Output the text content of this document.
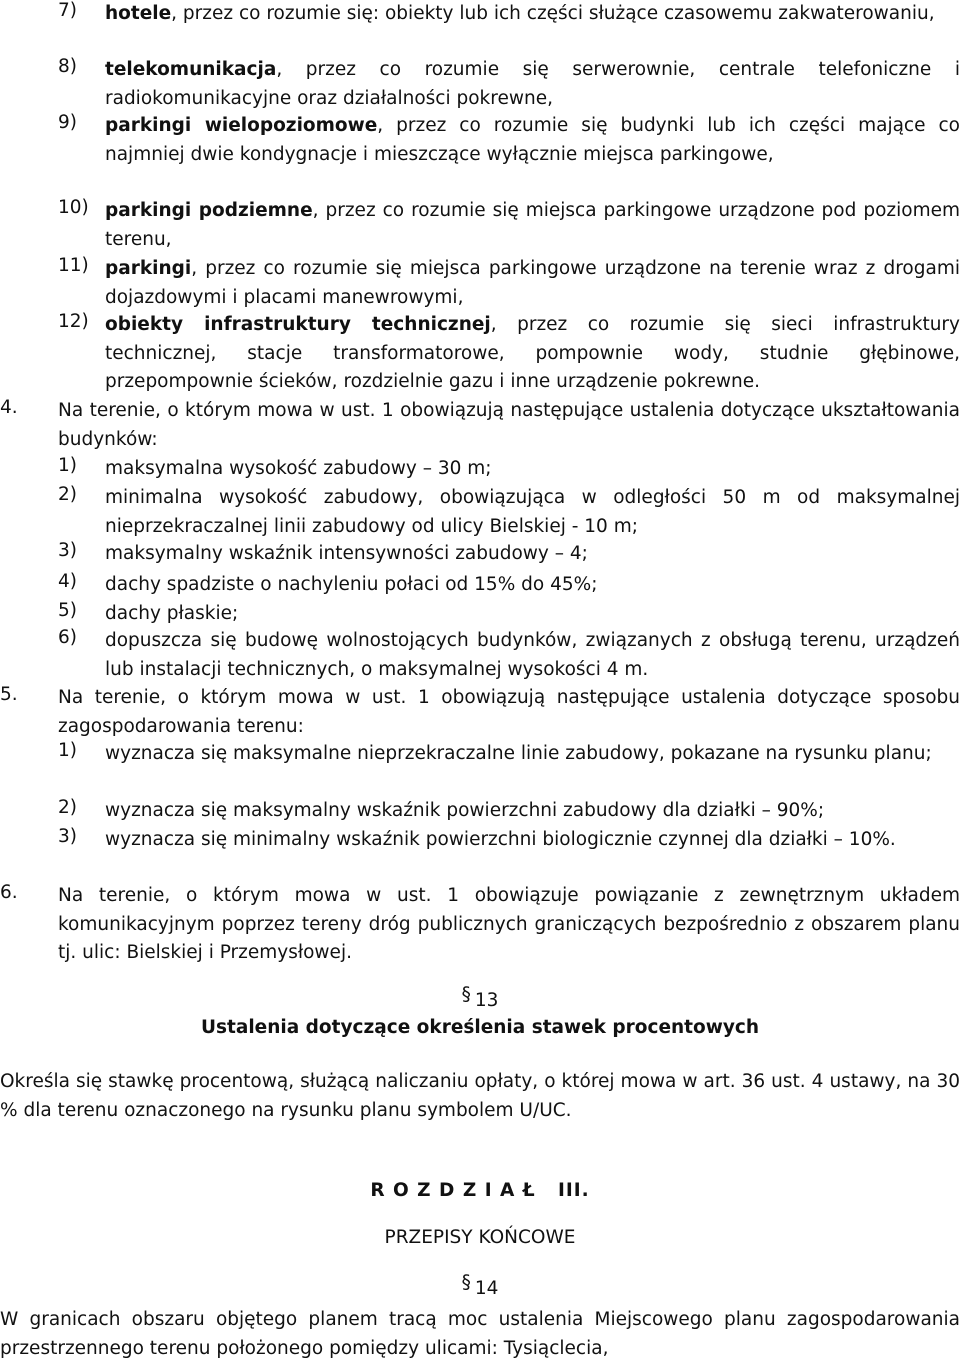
7) hotele, przez co rozumie się: obiekty lub ich części służące czasowemu zakwaterowaniu,
8) telekomunikacja, przez co rozumie się serwerownie, centrale telefoniczne i radiokomunikacyjne oraz działalności pokrewne,
9) parkingi wielopoziomowe, przez co rozumie się budynki lub ich części mające co najmniej dwie kondygnacje i mieszczące wyłącznie miejsca parkingowe,
10) parkingi podziemne, przez co rozumie się miejsca parkingowe urządzone pod poziomem terenu,
11) parkingi, przez co rozumie się miejsca parkingowe urządzone na terenie wraz z drogami dojazdowymi i placami manewrowymi,
12) obiekty infrastruktury technicznej, przez co rozumie się sieci infrastruktury technicznej, stacje transformatorowe, pompownie wody, studnie głębinowe, przepompownie ścieków, rozdzielnie gazu i inne urządzenie pokrewne.
4. Na terenie, o którym mowa w ust. 1 obowiązują następujące ustalenia dotyczące ukształtowania budynków:
1) maksymalna wysokość zabudowy – 30 m;
2) minimalna wysokość zabudowy, obowiązująca w odległości 50 m od maksymalnej nieprzekraczalnej linii zabudowy od ulicy Bielskiej - 10 m;
3) maksymalny wskaźnik intensywności zabudowy – 4;
4) dachy spadziste o nachyleniu połaci od 15% do 45%;
5) dachy płaskie;
6) dopuszcza się budowę wolnostojących budynków, związanych z obsługą terenu, urządzeń lub instalacji technicznych, o maksymalnej wysokości 4 m.
5. Na terenie, o którym mowa w ust. 1 obowiązują następujące ustalenia dotyczące sposobu zagospodarowania terenu:
1) wyznacza się maksymalne nieprzekraczalne linie zabudowy, pokazane na rysunku planu;
2) wyznacza się maksymalny wskaźnik powierzchni zabudowy dla działki – 90%;
3) wyznacza się minimalny wskaźnik powierzchni biologicznie czynnej dla działki – 10%.
6. Na terenie, o którym mowa w ust. 1 obowiązuje powiązanie z zewnętrznym układem komunikacyjnym poprzez tereny dróg publicznych graniczących bezpośrednio z obszarem planu tj. ulic: Bielskiej i Przemysłowej.
§ 13
Ustalenia dotyczące określenia stawek procentowych
Określa się stawkę procentową, służącą naliczaniu opłaty, o której mowa w art. 36 ust. 4 ustawy, na 30 % dla terenu oznaczonego na rysunku planu symbolem U/UC.
R O Z D Z I A Ł   III.
PRZEPISY KOŃCOWE
§ 14
W granicach obszaru objętego planem tracą moc ustalenia Miejscowego planu zagospodarowania przestrzennego terenu położonego pomiędzy ulicami: Tysiąclecia,
